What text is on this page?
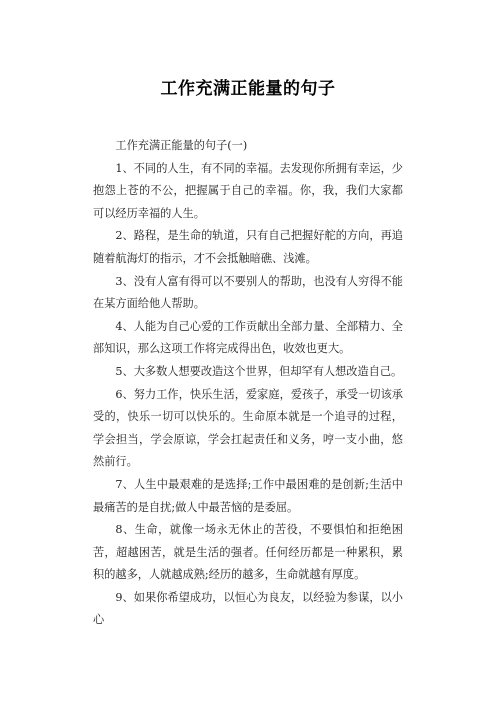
工作充满正能量的句子

工作充满正能量的句子(一)

1、不同的人生，有不同的幸福。去发现你所拥有幸运，少抱怨上苍的不公，把握属于自己的幸福。你，我，我们大家都可以经历幸福的人生。

2、路程，是生命的轨道，只有自己把握好舵的方向，再追随着航海灯的指示，才不会抵触暗礁、浅滩。

3、没有人富有得可以不要别人的帮助，也没有人穷得不能在某方面给他人帮助。

4、人能为自己心爱的工作贡献出全部力量、全部精力、全部知识，那么这项工作将完成得出色，收效也更大。

5、大多数人想要改造这个世界，但却罕有人想改造自己。

6、努力工作，快乐生活，爱家庭，爱孩子，承受一切该承受的，快乐一切可以快乐的。生命原本就是一个追寻的过程，学会担当，学会原谅，学会扛起责任和义务，哼一支小曲，悠然前行。

7、人生中最艰难的是选择;工作中最困难的是创新;生活中最痛苦的是自扰;做人中最苦恼的是委屈。

8、生命，就像一场永无休止的苦役，不要惧怕和拒绝困苦，超越困苦，就是生活的强者。任何经历都是一种累积，累积的越多，人就越成熟;经历的越多，生命就越有厚度。

9、如果你希望成功，以恒心为良友，以经验为参谋，以小心
